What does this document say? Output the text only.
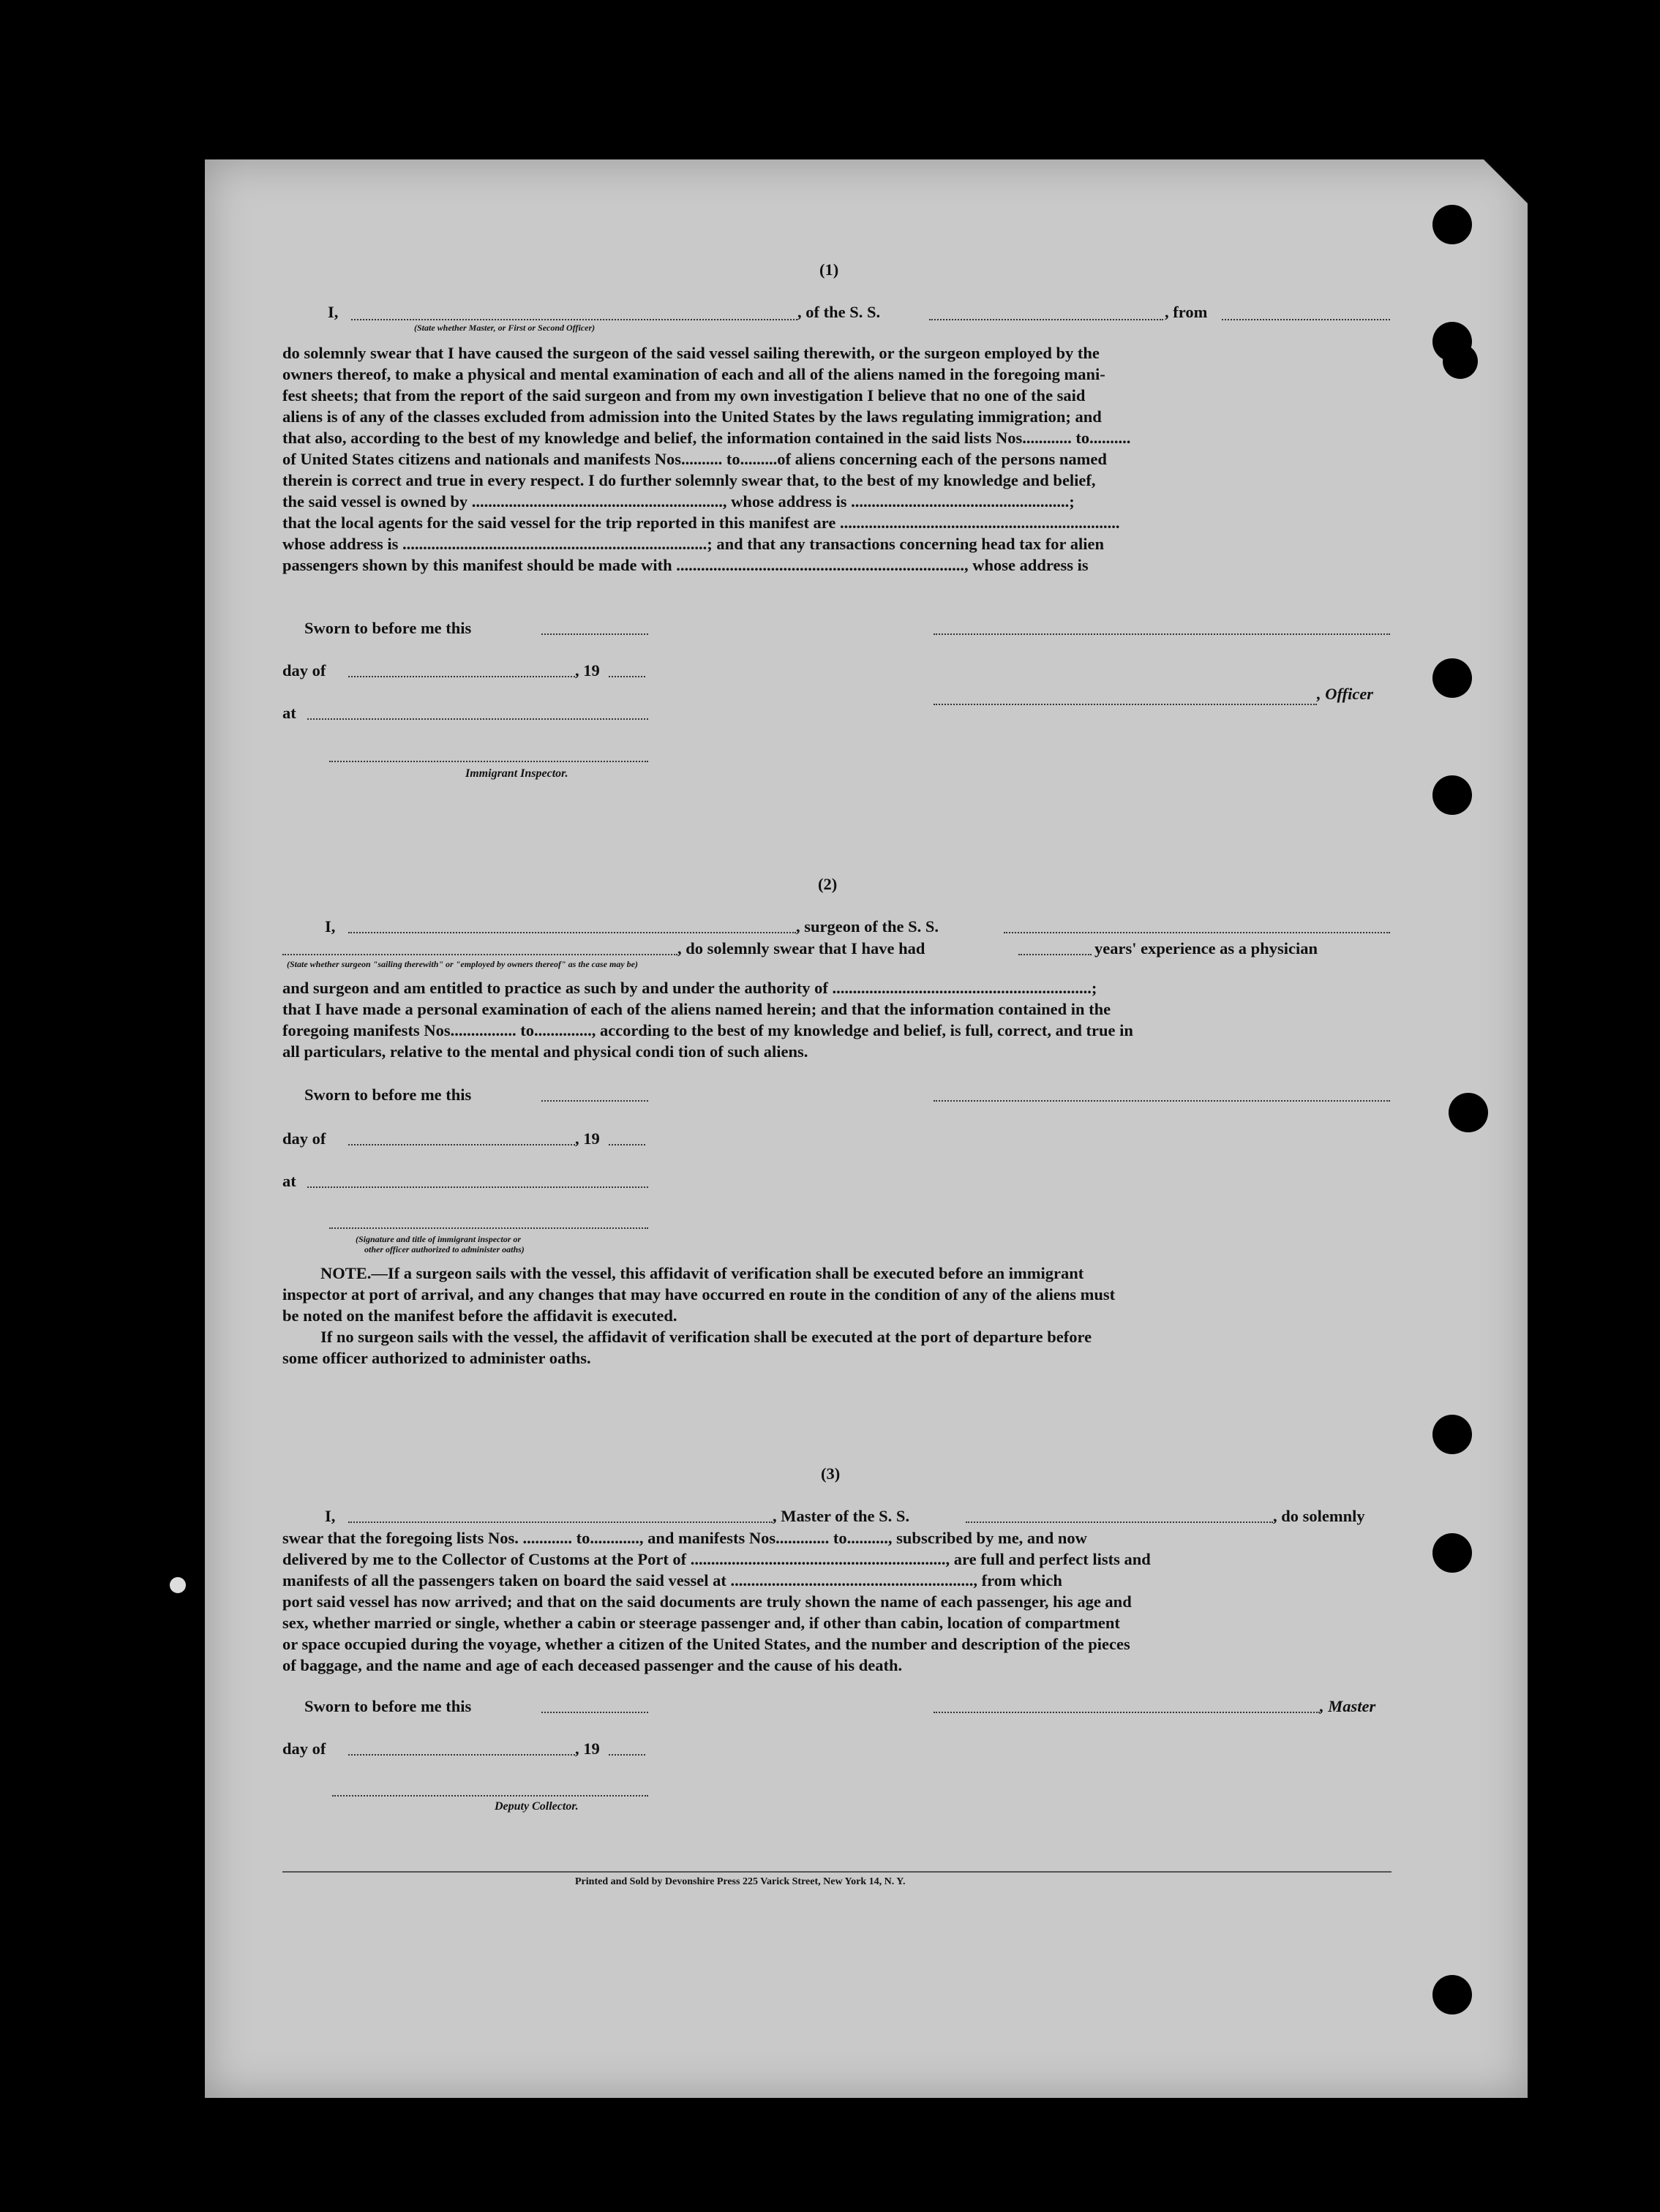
(1)
I,	, of the S. S.	, from
(State whether Master, or First or Second Officer)
do solemnly swear that I have caused the surgeon of the said vessel sailing therewith, or the surgeon employed by the
owners thereof, to make a physical and mental examination of each and all of the aliens named in the foregoing mani-
fest sheets; that from the report of the said surgeon and from my own investigation I believe that no one of the said
aliens is of any of the classes excluded from admission into the United States by the laws regulating immigration; and
that also, according to the best of my knowledge and belief, the information contained in the said lists Nos............ to..........
of United States citizens and nationals and manifests Nos.......... to.........of aliens concerning each of the persons named
therein is correct and true in every respect. I do further solemnly swear that, to the best of my knowledge and belief,
the said vessel is owned by ............................................................., whose address is .....................................................;
that the local agents for the said vessel for the trip reported in this manifest are ....................................................................
whose address is ..........................................................................; and that any transactions concerning head tax for alien
passengers shown by this manifest should be made with ......................................................................, whose address is
Sworn to before me this
day of	, 19
, Officer
at
Immigrant Inspector.
(2)
I,	, surgeon of the S. S.
, do solemnly swear that I have had	years' experience as a physician
(State whether surgeon "sailing therewith" or "employed by owners thereof" as the case may be)
and surgeon and am entitled to practice as such by and under the authority of ...............................................................;
that I have made a personal examination of each of the aliens named herein; and that the information contained in the
foregoing manifests Nos................ to.............., according to the best of my knowledge and belief, is full, correct, and true in
all particulars, relative to the mental and physical condi tion of such aliens.
Sworn to before me this
day of	, 19
at
(Signature and title of immigrant inspector or
other officer authorized to administer oaths)
NOTE.—If a surgeon sails with the vessel, this affidavit of verification shall be executed before an immigrant
inspector at port of arrival, and any changes that may have occurred en route in the condition of any of the aliens must
be noted on the manifest before the affidavit is executed.
If no surgeon sails with the vessel, the affidavit of verification shall be executed at the port of departure before
some officer authorized to administer oaths.
(3)
I,	, Master of the S. S.	, do solemnly
swear that the foregoing lists Nos. ............ to............, and manifests Nos............. to.........., subscribed by me, and now
delivered by me to the Collector of Customs at the Port of .............................................................., are full and perfect lists and
manifests of all the passengers taken on board the said vessel at ..........................................................., from which
port said vessel has now arrived; and that on the said documents are truly shown the name of each passenger, his age and
sex, whether married or single, whether a cabin or steerage passenger and, if other than cabin, location of compartment
or space occupied during the voyage, whether a citizen of the United States, and the number and description of the pieces
of baggage, and the name and age of each deceased passenger and the cause of his death.
Sworn to before me this	, Master
day of	, 19
Deputy Collector.
Printed and Sold by Devonshire Press 225 Varick Street, New York 14, N. Y.
